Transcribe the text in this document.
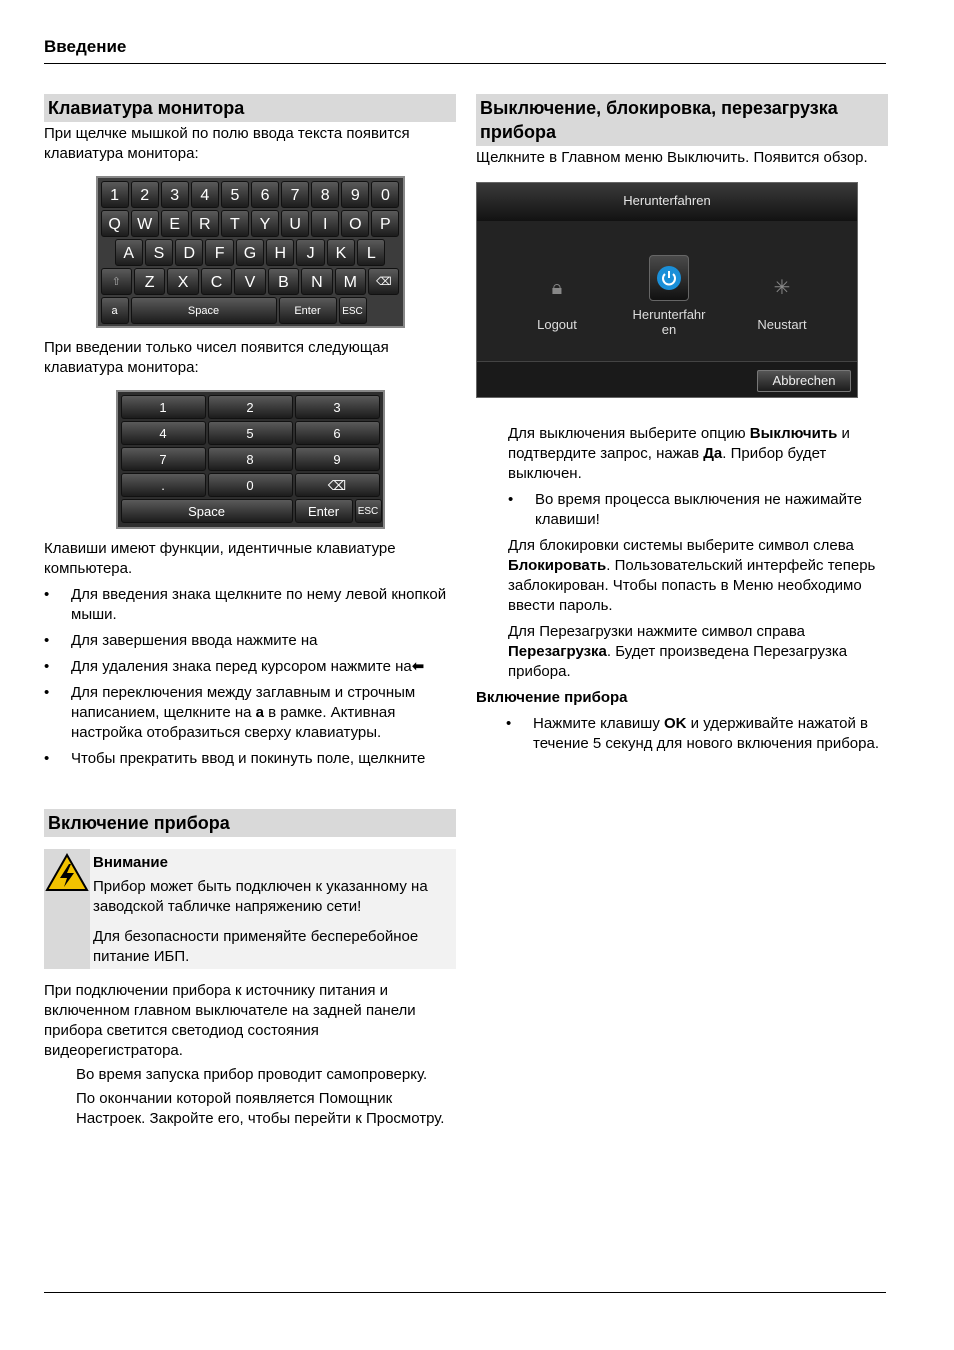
Введение
Клавиатура монитора

При щелчке мышкой по полю ввода текста появится клавиатура монитора:

1	2	3	4	5	6	7	8	9	0
Q	W	E	R	T	Y	U	I	O	P
A	S	D	F	G	H	J	K	L
⇧	Z	X	C	V	B	N	M	⌫
a	Space	Enter	ESC

При введении только чисел появится следующая клавиатура монитора:

1	2	3
4	5	6
7	8	9
.	0	⌫
Space	Enter	ESC

Клавиши имеют функции, идентичные клавиатуре компьютера.

• Для введения знака щелкните по нему левой кнопкой мыши.
• Для завершения ввода нажмите на
• Для удаления знака перед курсором нажмите на⬅
• Для переключения между заглавным и строчным написанием, щелкните на a в рамке. Активная настройка отобразиться сверху клавиатуры.
• Чтобы прекратить ввод и покинуть поле, щелкните
Включение прибора

Внимание

Прибор может быть подключен к указанному на заводской табличке напряжению сети!

Для безопасности применяйте бесперебойное питание ИБП.

При подключении прибора к источнику питания и включенном главном выключателе на задней панели прибора светится светодиод состояния видеорегистратора.

Во время запуска прибор проводит самопроверку.

По окончании которой появляется Помощник Настроек. Закройте его, чтобы перейти к Просмотру.

Выключение, блокировка, перезагрузка прибора

Щелкните в Главном меню Выключить. Появится обзор.

Herunterfahren
🔒︎
Logout
Herunterfahr en
✳
Neustart
Abbrechen

Для выключения выберите опцию Выключить и подтвердите запрос, нажав Да. Прибор будет выключен.

• Во время процесса выключения не нажимайте клавиши!

Для блокировки системы выберите символ слева Блокировать. Пользовательский интерфейс теперь заблокирован. Чтобы попасть в Меню необходимо ввести пароль.

Для Перезагрузки нажмите символ справа Перезагрузка. Будет произведена Перезагрузка прибора.

Включение прибора

• Нажмите клавишу OK и удерживайте нажатой в течение 5 секунд для нового включения прибора.
